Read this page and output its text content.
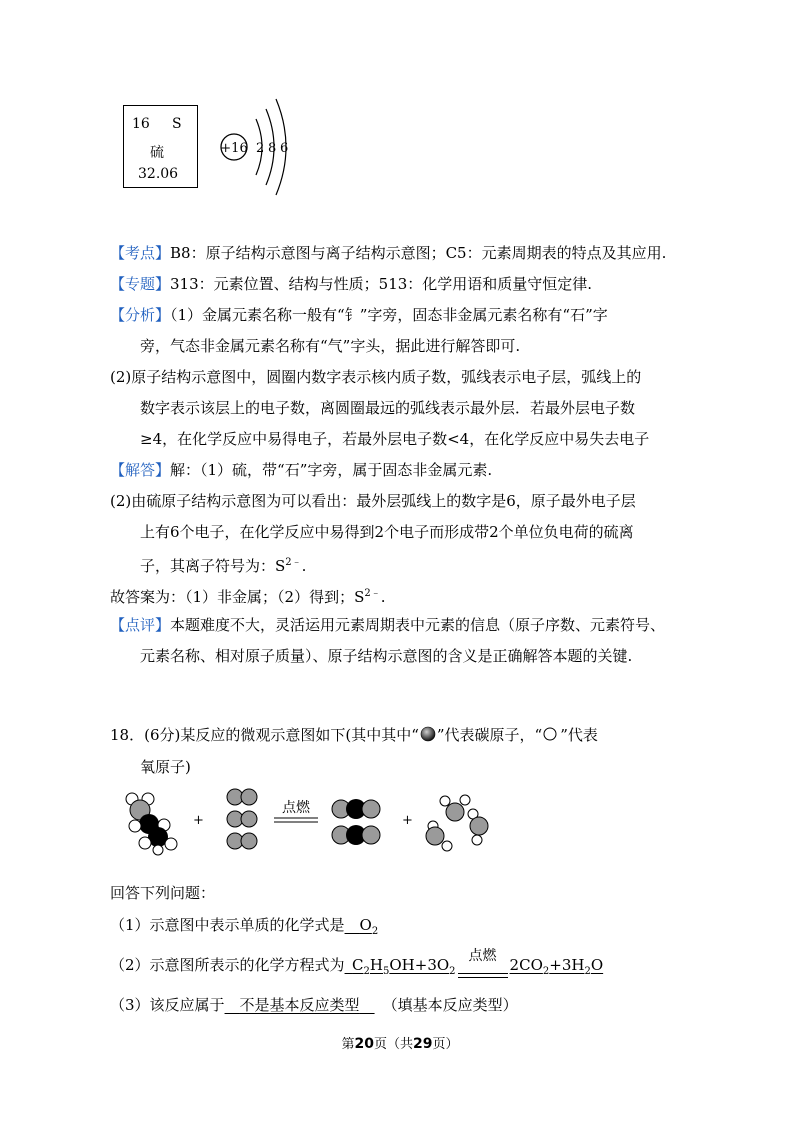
16 S
硫
32.06
+16 2 8 6
【考点】B8：原子结构示意图与离子结构示意图；C5：元素周期表的特点及其应用.
【专题】313：元素位置、结构与性质；513：化学用语和质量守恒定律.
【分析】（1）金属元素名称一般有“钅”字旁，固态非金属元素名称有“石”字
旁，气态非金属元素名称有“气”字头，据此进行解答即可.
(2)原子结构示意图中，圆圈内数字表示核内质子数，弧线表示电子层，弧线上的
数字表示该层上的电子数，离圆圈最远的弧线表示最外层．若最外层电子数
≥4，在化学反应中易得电子，若最外层电子数<4，在化学反应中易失去电子
【解答】解：（1）硫，带“石”字旁，属于固态非金属元素.
(2)由硫原子结构示意图为可以看出：最外层弧线上的数字是6，原子最外电子层
上有6个电子，在化学反应中易得到2个电子而形成带2个单位负电荷的硫离
子，其离子符号为：$S^{2﹣}$.
故答案为：（1）非金属；（2）得到；$S^{2﹣}$.
【点评】本题难度不大，灵活运用元素周期表中元素的信息（原子序数、元素符号、
元素名称、相对原子质量）、原子结构示意图的含义是正确解答本题的关键.
18．(6分)某反应的微观示意图如下(其中其中“ ”代表碳原子，“ ”代表
氧原子)
+
点燃
+
回答下列问题：
（1）示意图中表示单质的化学式是  $O_2$
（2）示意图所表示的化学方程式为  $C_2H_5OH+3O_2$
点燃 $2CO_2+3H_2O$
（3）该反应属于   不是基本反应类型  （填基本反应类型）
第20页（共29页）
